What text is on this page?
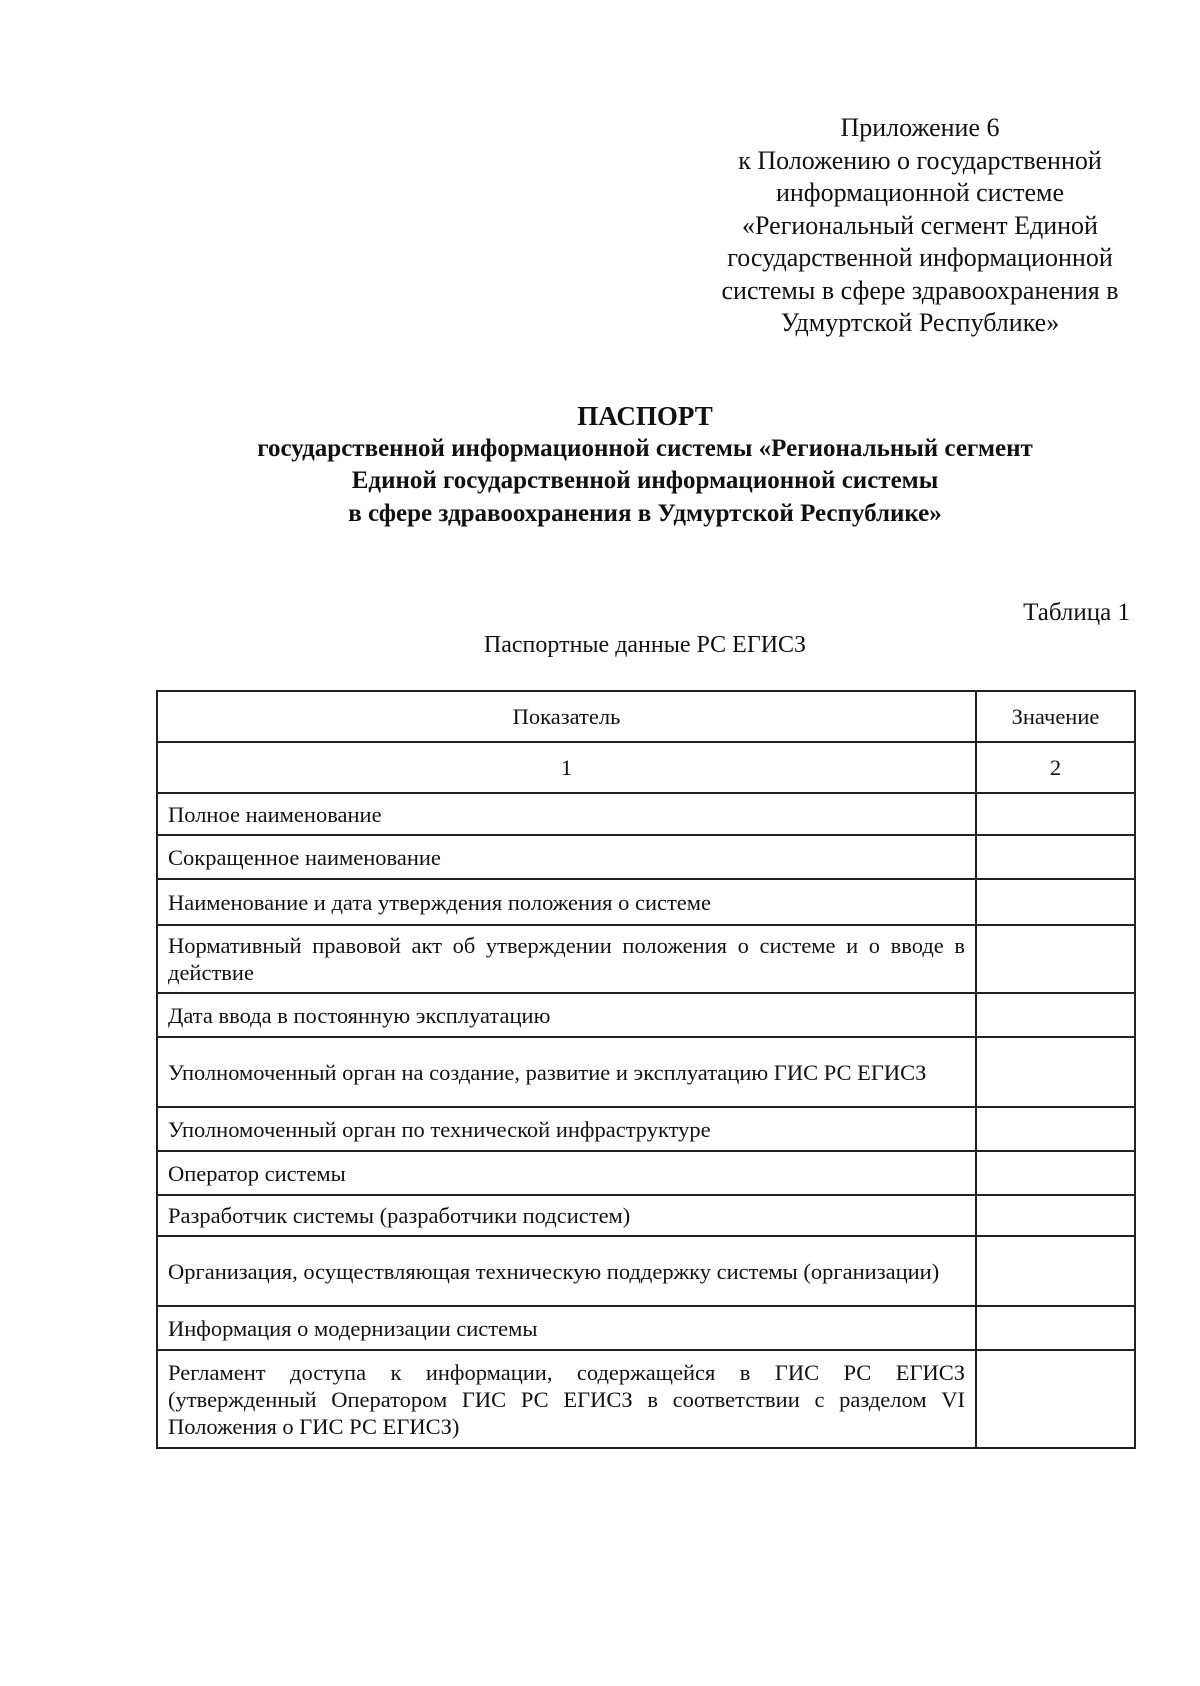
Приложение 6
к Положению о государственной
информационной системе
«Региональный сегмент Единой
государственной информационной
системы в сфере здравоохранения в
Удмуртской Республике»
ПАСПОРТ
государственной информационной системы «Региональный сегмент
Единой государственной информационной системы
в сфере здравоохранения в Удмуртской Республике»
Таблица 1
Паспортные данные РС ЕГИСЗ
Показатель	Значение
1	2
Полное наименование	
Сокращенное наименование	
Наименование и дата утверждения положения о системе	
Нормативный правовой акт об утверждении положения о системе и о вводе в действие	
Дата ввода в постоянную эксплуатацию	
Уполномоченный орган на создание, развитие и эксплуатацию ГИС РС ЕГИСЗ	
Уполномоченный орган по технической инфраструктуре	
Оператор системы	
Разработчик системы (разработчики подсистем)	
Организация, осуществляющая техническую поддержку системы (организации)	
Информация о модернизации системы	
Регламент доступа к информации, содержащейся в ГИС РС ЕГИСЗ (утвержденный Оператором ГИС РС ЕГИСЗ в соответствии с разделом VI Положения о ГИС РС ЕГИСЗ)	
